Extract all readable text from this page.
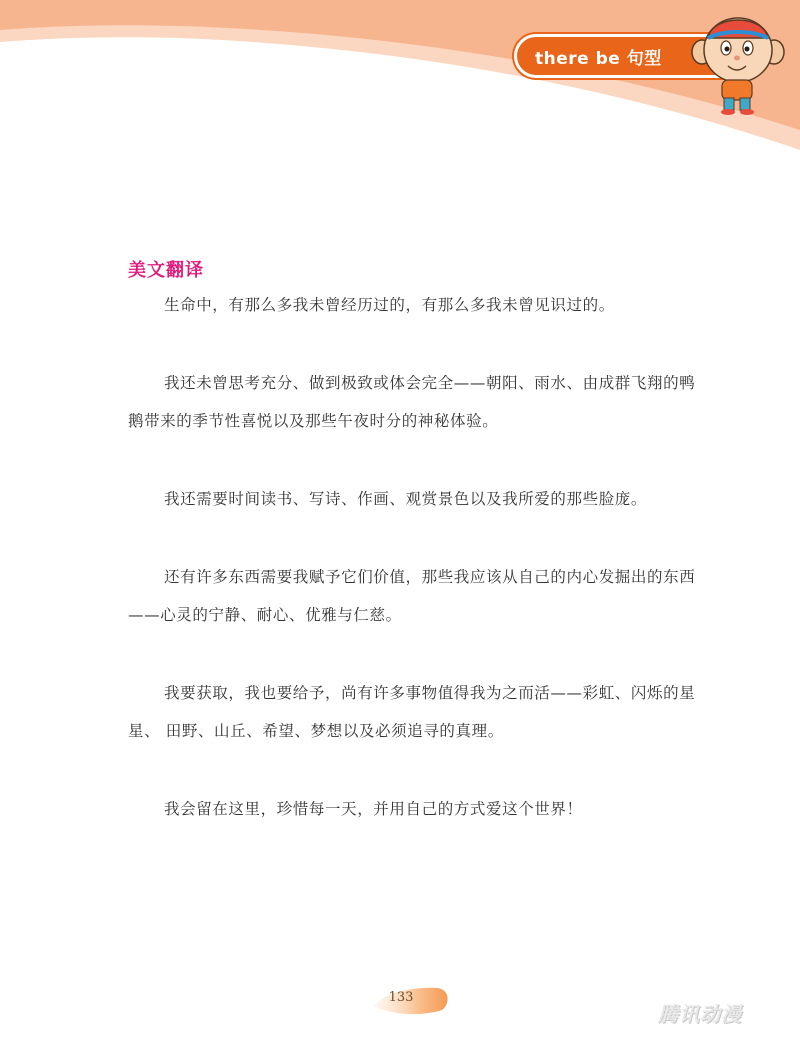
there be 句型
美文翻译

生命中，有那么多我未曾经历过的，有那么多我未曾见识过的。

我还未曾思考充分、做到极致或体会完全——朝阳、雨水、由成群飞翔的鸭鹅带来的季节性喜悦以及那些午夜时分的神秘体验。

我还需要时间读书、写诗、作画、观赏景色以及我所爱的那些脸庞。

还有许多东西需要我赋予它们价值，那些我应该从自己的内心发掘出的东西——心灵的宁静、耐心、优雅与仁慈。

我要获取，我也要给予，尚有许多事物值得我为之而活——彩虹、闪烁的星星、 田野、山丘、希望、梦想以及必须追寻的真理。

我会留在这里，珍惜每一天，并用自己的方式爱这个世界！

133
腾讯动漫
